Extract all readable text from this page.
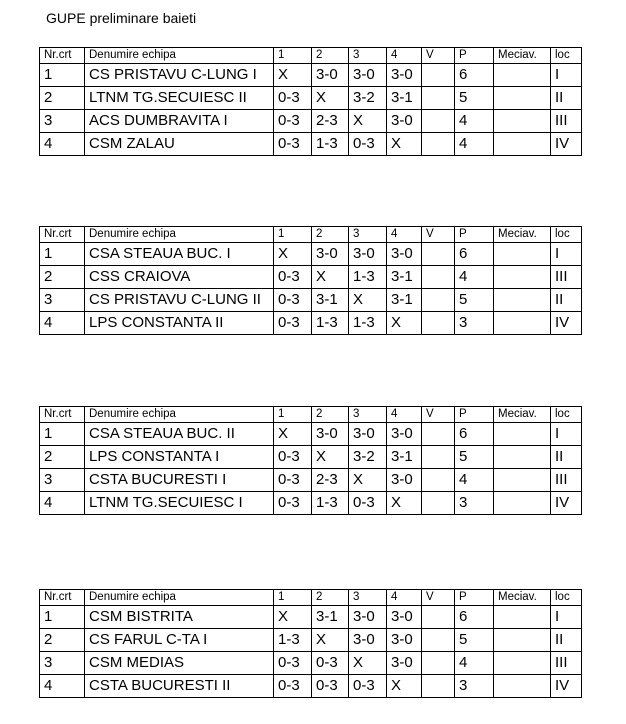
GUPE preliminare baieti
Nr.crt	Denumire echipa	1	2	3	4	V	P	Meciav.	loc
1	CS PRISTAVU C-LUNG I	X	3-0	3-0	3-0		6		I
2	LTNM TG.SECUIESC II	0-3	X	3-2	3-1		5		II
3	ACS DUMBRAVITA I	0-3	2-3	X	3-0		4		III
4	CSM ZALAU	0-3	1-3	0-3	X		4		IV
Nr.crt	Denumire echipa	1	2	3	4	V	P	Meciav.	loc
1	CSA STEAUA BUC. I	X	3-0	3-0	3-0		6		I
2	CSS CRAIOVA	0-3	X	1-3	3-1		4		III
3	CS PRISTAVU C-LUNG II	0-3	3-1	X	3-1		5		II
4	LPS CONSTANTA II	0-3	1-3	1-3	X		3		IV
Nr.crt	Denumire echipa	1	2	3	4	V	P	Meciav.	loc
1	CSA STEAUA BUC. II	X	3-0	3-0	3-0		6		I
2	LPS CONSTANTA I	0-3	X	3-2	3-1		5		II
3	CSTA BUCURESTI I	0-3	2-3	X	3-0		4		III
4	LTNM TG.SECUIESC I	0-3	1-3	0-3	X		3		IV
Nr.crt	Denumire echipa	1	2	3	4	V	P	Meciav.	loc
1	CSM BISTRITA	X	3-1	3-0	3-0		6		I
2	CS FARUL C-TA I	1-3	X	3-0	3-0		5		II
3	CSM MEDIAS	0-3	0-3	X	3-0		4		III
4	CSTA BUCURESTI II	0-3	0-3	0-3	X		3		IV
